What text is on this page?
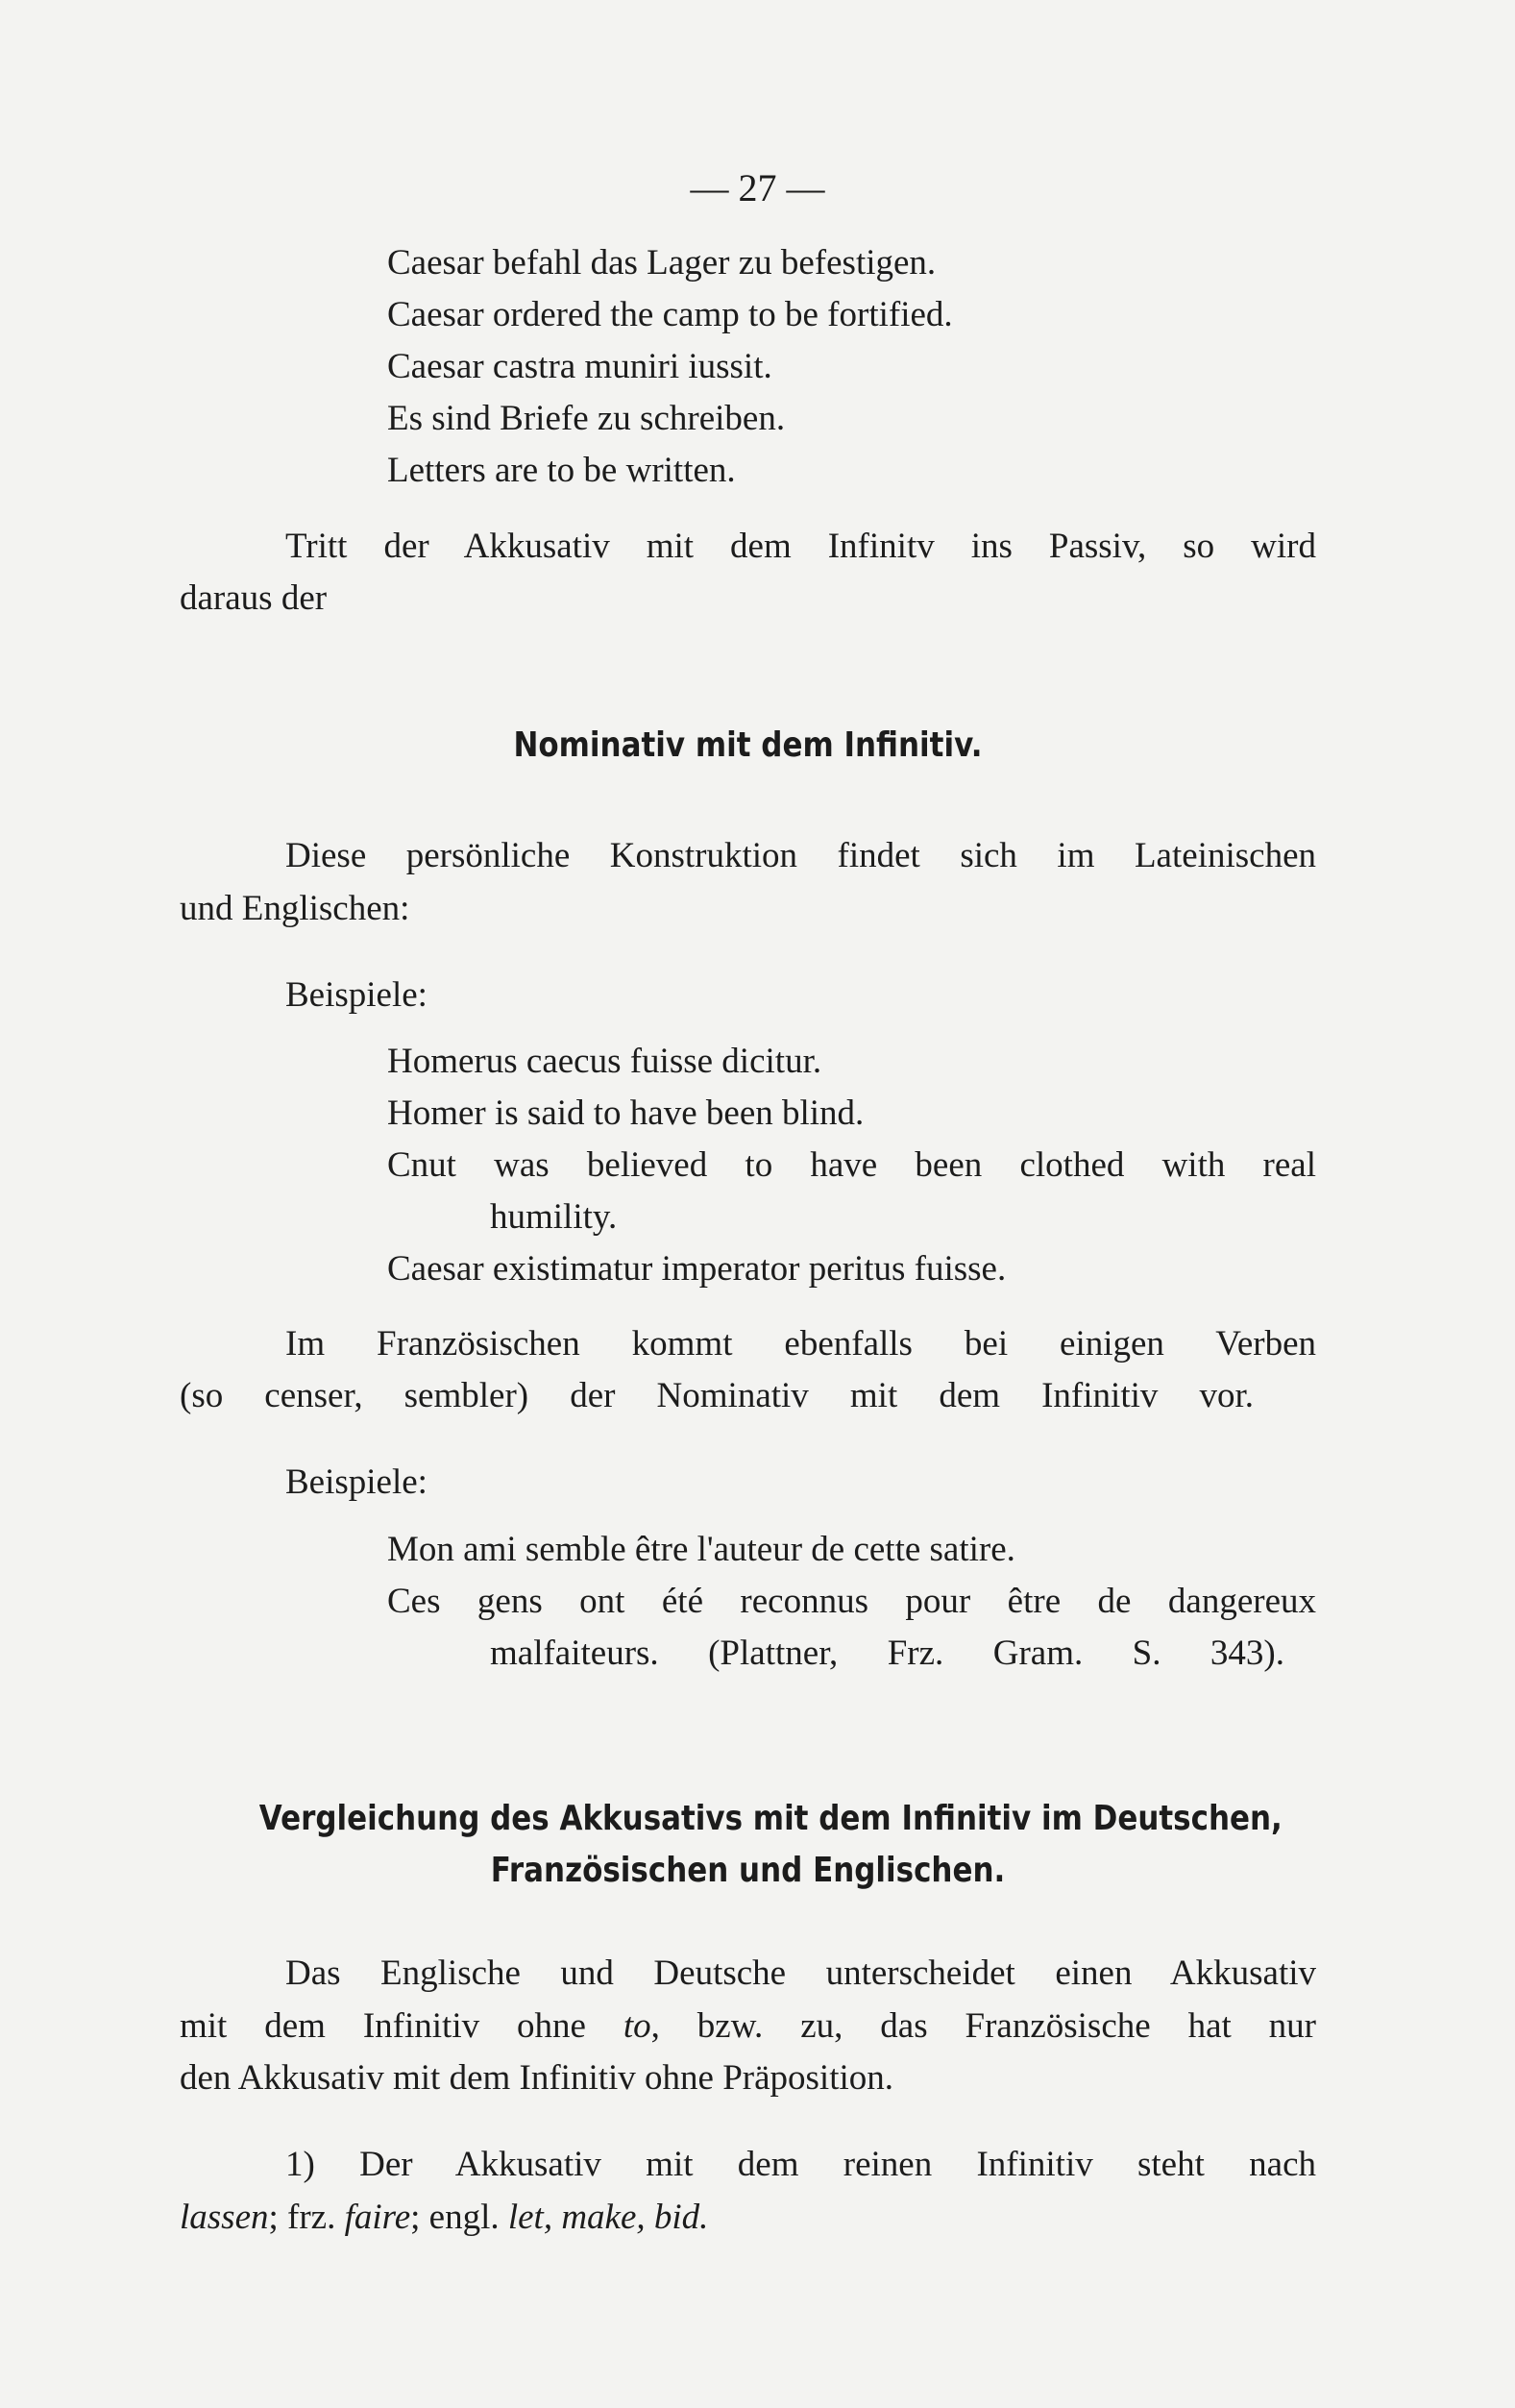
— 27 —
Caesar befahl das Lager zu befestigen.
Caesar ordered the camp to be fortified.
Caesar castra muniri iussit.
Es sind Briefe zu schreiben.
Letters are to be written.
Tritt der Akkusativ mit dem Infinitv ins Passiv, so wird
daraus der
Nominativ mit dem Infinitiv.
Diese persönliche Konstruktion findet sich im Lateinischen
und Englischen:
Beispiele:
Homerus caecus fuisse dicitur.
Homer is said to have been blind.
Cnut was believed to have been clothed with real
humility.
Caesar existimatur imperator peritus fuisse.
Im Französischen kommt ebenfalls bei einigen Verben
(so censer, sembler) der Nominativ mit dem Infinitiv vor.
Beispiele:
Mon ami semble être l'auteur de cette satire.
Ces gens ont été reconnus pour être de dangereux
malfaiteurs. (Plattner, Frz. Gram. S. 343).
Vergleichung des Akkusativs mit dem Infinitiv im Deutschen,
Französischen und Englischen.
Das Englische und Deutsche unterscheidet einen Akkusativ
mit dem Infinitiv ohne to, bzw. zu, das Französische hat nur
den Akkusativ mit dem Infinitiv ohne Präposition.
1) Der Akkusativ mit dem reinen Infinitiv steht nach
lassen; frz. faire; engl. let, make, bid.
